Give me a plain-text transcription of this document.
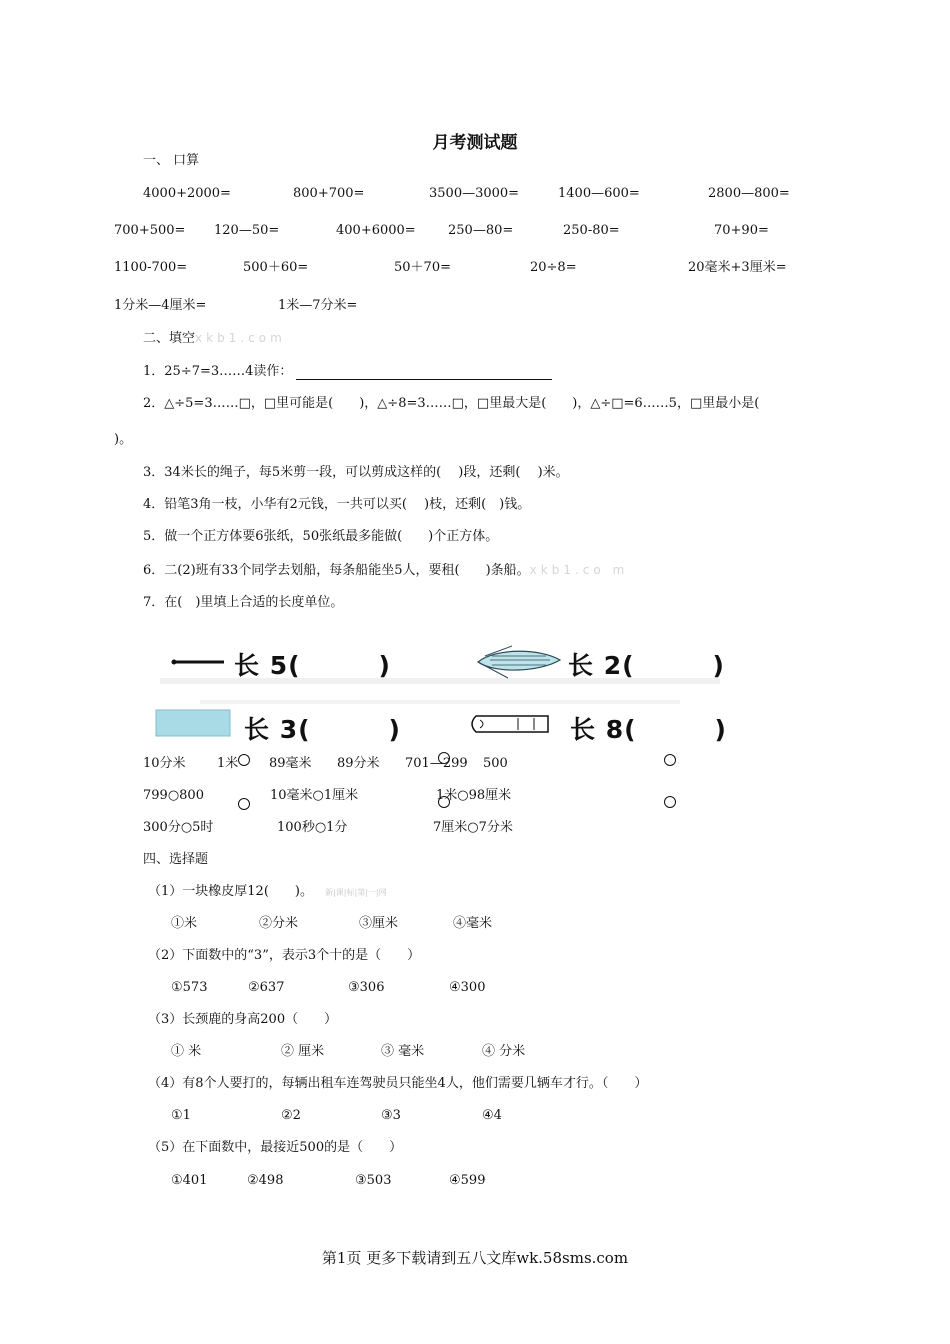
月考测试题
一、 口算
4000+2000=	800+700=	3500—3000=	1400—600=	2800—800=
700+500= 120—50=	400+6000= 250—80=	250-80=	70+90=
1100-700=	500＋60=	50＋70=	20÷8=	20毫米+3厘米=
1分米—4厘米=	1米—7分米=
二、填空xkb1.com
1．25÷7=3……4读作：
2．△÷5=3……□，□里可能是(　　)，△÷8=3……□，□里最大是(　　)，△÷□=6……5，□里最小是(
)。
3．34米长的绳子，每5米剪一段，可以剪成这样的(　 )段，还剩(　 )米。
4．铅笔3角一枝，小华有2元钱，一共可以买(　 )枝，还剩(　)钱。
5．做一个正方体要6张纸，50张纸最多能做(　　)个正方体。
6．二(2)班有33个同学去划船，每条船能坐5人，要租(　　)条船。xkb1.co m
7．在(　)里填上合适的长度单位。
长 5(　　　)	长 2(　　　)
长 3(　　　)	长 8(　　　)
10分米 1米 89毫米 89分米 701—299 500
799○800	10毫米○1厘米	1米○98厘米
300分○5时	100秒○1分	7厘米○7分米
四、选择题
（1）一块橡皮厚12(　　)。 新|课|标|第|一|网
①米	②分米	③厘米	④毫米
（2）下面数中的“3”，表示3个十的是（　　）
①573	②637	③306	④300
（3）长颈鹿的身高200（　　）
① 米	② 厘米	③ 毫米	④ 分米
（4）有8个人要打的，每辆出租车连驾驶员只能坐4人，他们需要几辆车才行。（　　）
①1	②2	③3	④4
（5）在下面数中，最接近500的是（　　）
①401	②498	③503	④599
第1页 更多下载请到五八文库wk.58sms.com
